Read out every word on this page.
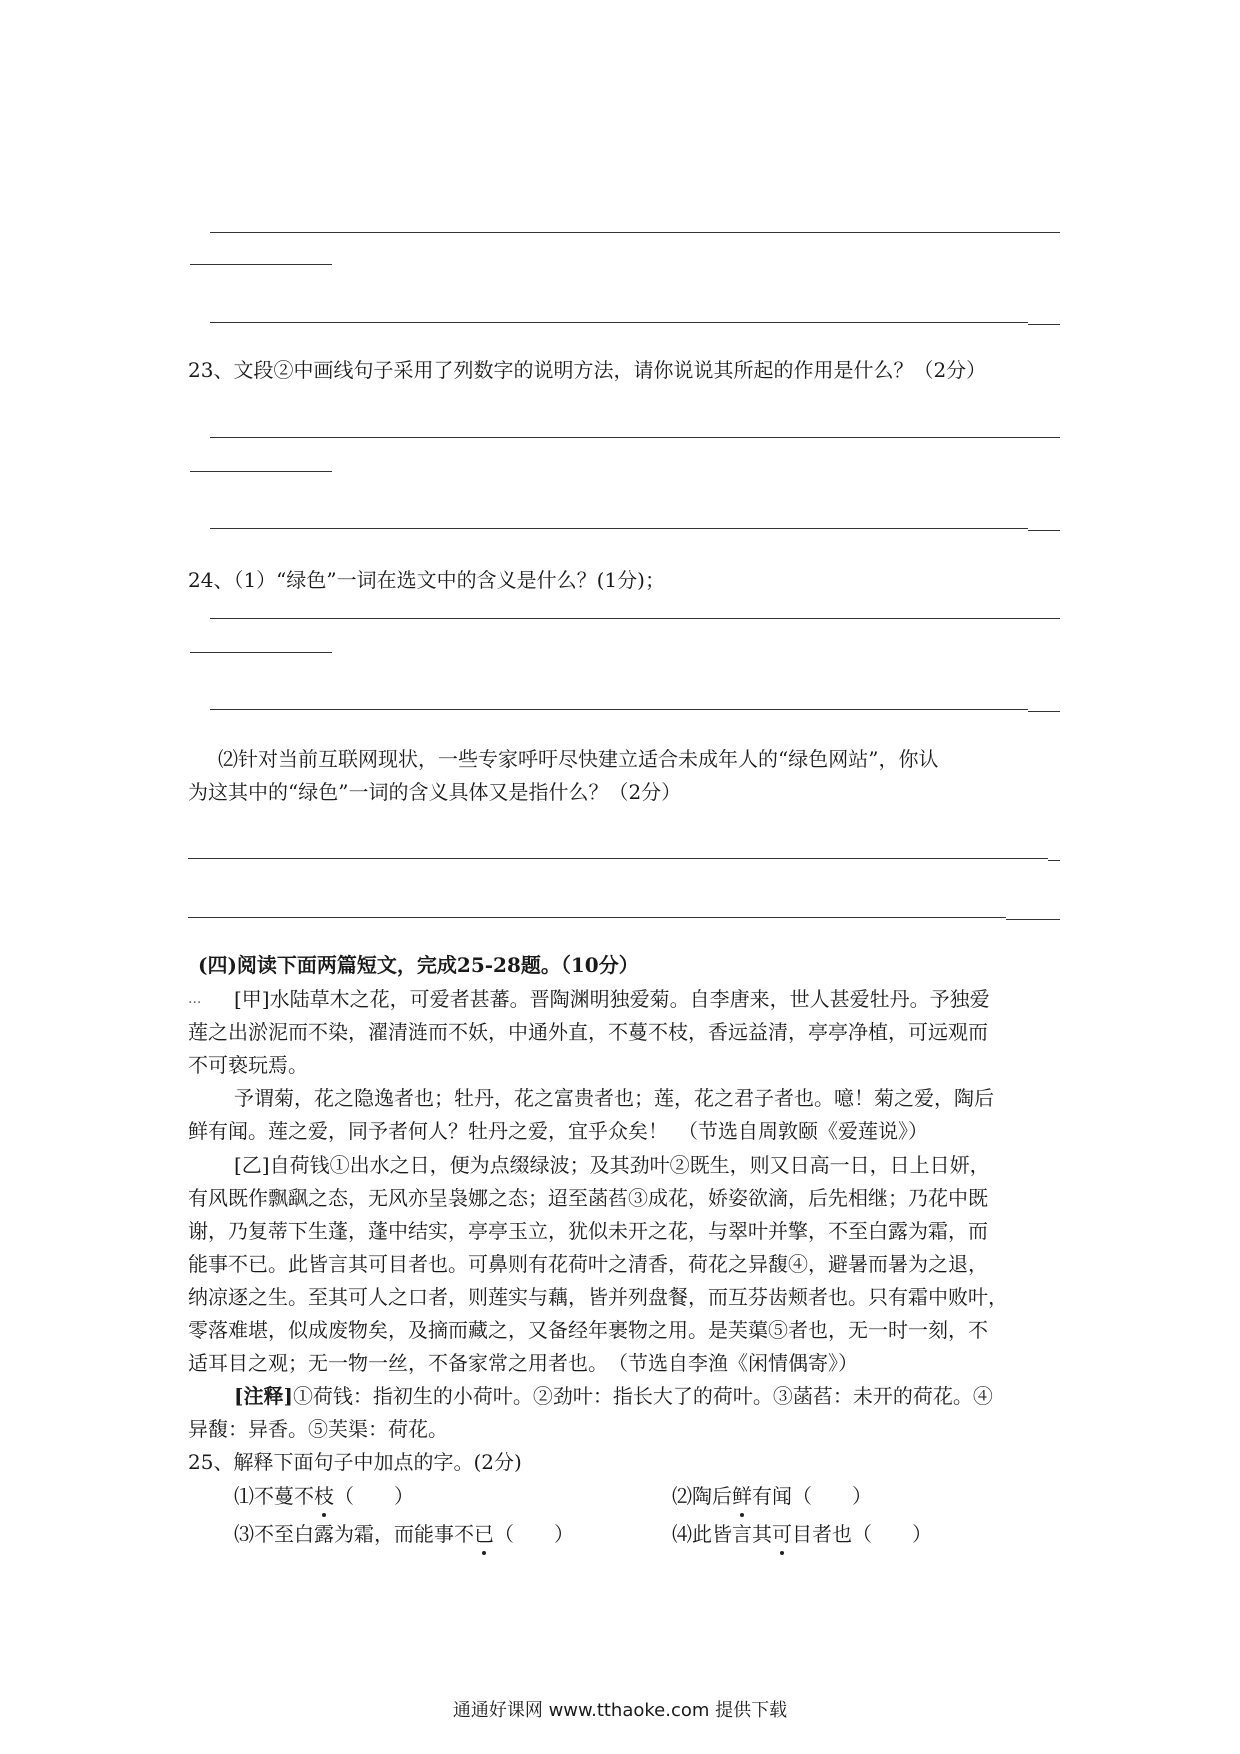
23、文段②中画线句子采用了列数字的说明方法，请你说说其所起的作用是什么？（2分）
24、（1）“绿色”一词在选文中的含义是什么？(1分)；
⑵针对当前互联网现状，一些专家呼吁尽快建立适合未成年人的“绿色网站”，你认
为这其中的“绿色”一词的含义具体又是指什么？（2分）
(四)阅读下面两篇短文，完成25-28题。（10分）
... [甲]水陆草木之花，可爱者甚蕃。晋陶渊明独爱菊。自李唐来，世人甚爱牡丹。予独爱
莲之出淤泥而不染，濯清涟而不妖，中通外直，不蔓不枝，香远益清，亭亭净植，可远观而
不可亵玩焉。
予谓菊，花之隐逸者也；牡丹，花之富贵者也；莲，花之君子者也。噫！菊之爱，陶后
鲜有闻。莲之爱，同予者何人？牡丹之爱，宜乎众矣！　（节选自周敦颐《爱莲说》）
[乙]自荷钱①出水之日，便为点缀绿波；及其劲叶②既生，则又日高一日，日上日妍，
有风既作飘飖之态，无风亦呈袅娜之态；迢至菡萏③成花，娇姿欲滴，后先相继；乃花中既
谢，乃复蒂下生蓬，蓬中结实，亭亭玉立，犹似未开之花，与翠叶并擎，不至白露为霜，而
能事不已。此皆言其可目者也。可鼻则有花荷叶之清香，荷花之异馥④，避暑而暑为之退，
纳凉逐之生。至其可人之口者，则莲实与藕，皆并列盘餐，而互芬齿颊者也。只有霜中败叶，
零落难堪，似成废物矣，及摘而藏之，又备经年裹物之用。是芙蕖⑤者也，无一时一刻，不
适耳目之观；无一物一丝，不备家常之用者也。　（节选自李渔《闲情偶寄》）
[注释]①荷钱：指初生的小荷叶。②劲叶：指长大了的荷叶。③菡萏：未开的荷花。④
异馥：异香。⑤芙渠：荷花。
25、解释下面句子中加点的字。(2分)
⑴不蔓不枝（　　）	⑵陶后鲜有闻（　　）
⑶不至白露为霜，而能事不已（　　）	⑷此皆言其可目者也（　　）
通通好课网 www.tthaoke.com 提供下载
